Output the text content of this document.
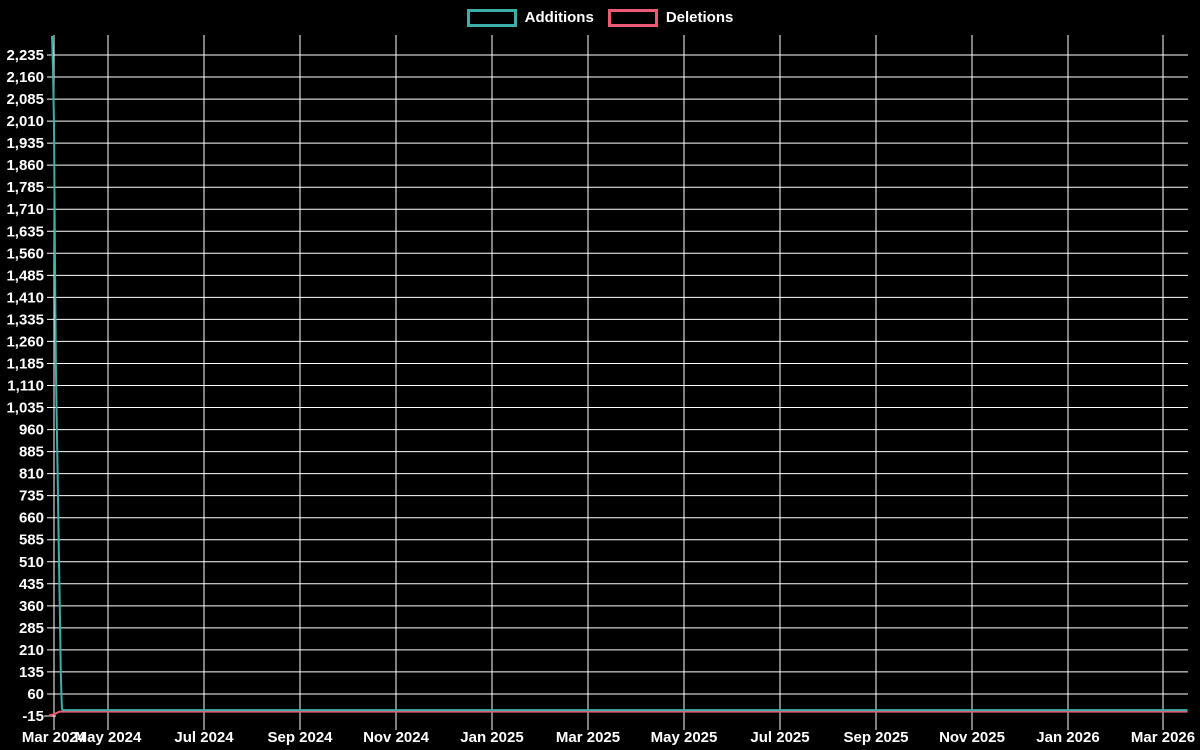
Additions	Deletions
-15
60
135
210
285
360
435
510
585
660
735
810
885
960
1,035
1,110
1,185
1,260
1,335
1,410
1,485
1,560
1,635
1,710
1,785
1,860
1,935
2,010
2,085
2,160
2,235
Mar 2024
May 2024 Jul 2024 Sep 2024 Nov 2024 Jan 2025 Mar 2025 May 2025 Jul 2025 Sep 2025 Nov 2025 Jan 2026 Mar 2026
